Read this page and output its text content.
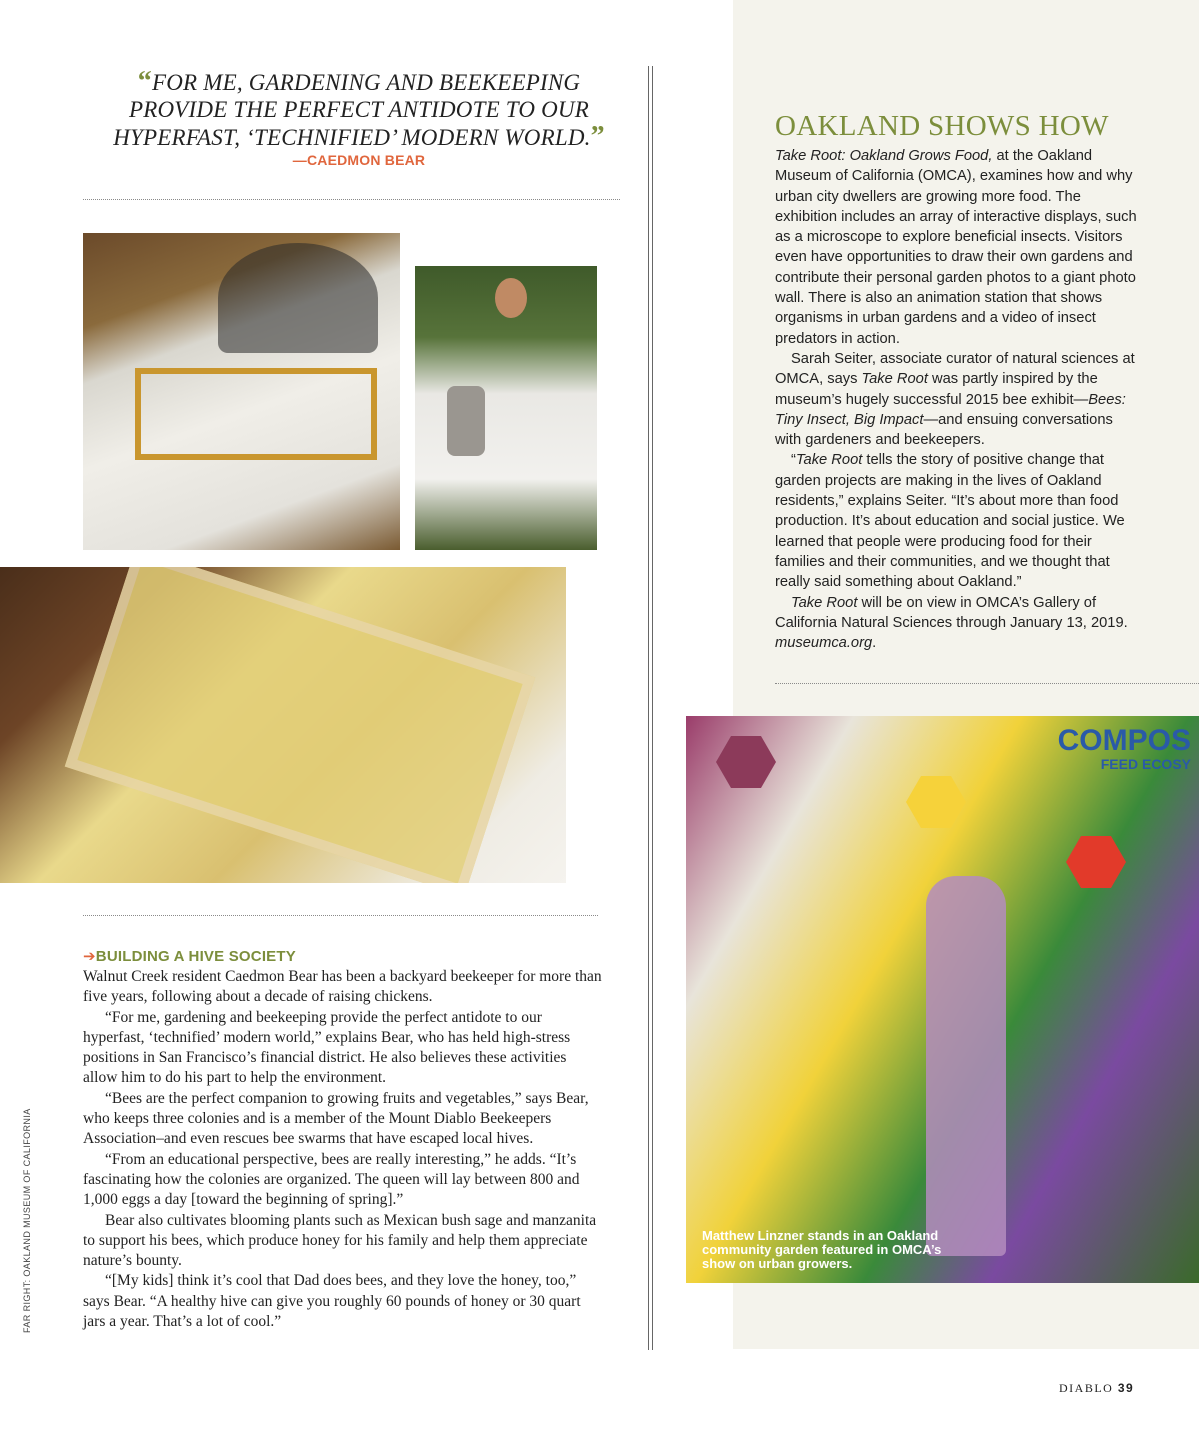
“FOR ME, GARDENING AND BEEKEEPING PROVIDE THE PERFECT ANTIDOTE TO OUR HYPERFAST, ‘TECHNIFIED’ MODERN WORLD.”
—CAEDMON BEAR
COMPOS
FEED ECOSY
Matthew Linzner stands in an Oakland community garden featured in OMCA’s show on urban growers.
➔BUILDING A HIVE SOCIETY

Walnut Creek resident Caedmon Bear has been a backyard beekeeper for more than five years, following about a decade of raising chickens.

“For me, gardening and beekeeping provide the perfect antidote to our hyperfast, ‘technified’ modern world,” explains Bear, who has held high-stress positions in San Francisco’s financial district. He also believes these activities allow him to do his part to help the environment.

“Bees are the perfect companion to growing fruits and vegetables,” says Bear, who keeps three colonies and is a member of the Mount Diablo Beekeepers Association–and even rescues bee swarms that have escaped local hives.

“From an educational perspective, bees are really interesting,” he adds. “It’s fascinating how the colonies are organized. The queen will lay between 800 and 1,000 eggs a day [toward the beginning of spring].”

Bear also cultivates blooming plants such as Mexican bush sage and manzanita to support his bees, which produce honey for his family and help them appreciate nature’s bounty.

“[My kids] think it’s cool that Dad does bees, and they love the honey, too,” says Bear. “A healthy hive can give you roughly 60 pounds of honey or 30 quart jars a year. That’s a lot of cool.”

OAKLAND SHOWS HOW

Take Root: Oakland Grows Food, at the Oakland Museum of California (OMCA), examines how and why urban city dwellers are growing more food. The exhibition includes an array of interactive displays, such as a microscope to explore beneficial insects. Visitors even have opportunities to draw their own gardens and contribute their personal garden photos to a giant photo wall. There is also an animation station that shows organisms in urban gardens and a video of insect predators in action.

Sarah Seiter, associate curator of natural sciences at OMCA, says Take Root was partly inspired by the museum’s hugely successful 2015 bee exhibit—Bees: Tiny Insect, Big Impact—and ensuing conversations with gardeners and beekeepers.

“Take Root tells the story of positive change that garden projects are making in the lives of Oakland residents,” explains Seiter. “It’s about more than food production. It’s about education and social justice. We learned that people were producing food for their families and their communities, and we thought that really said something about Oakland.”

Take Root will be on view in OMCA’s Gallery of California Natural Sciences through January 13, 2019. museumca.org.

FAR RIGHT: OAKLAND MUSEUM OF CALIFORNIA
DIABLO 39
